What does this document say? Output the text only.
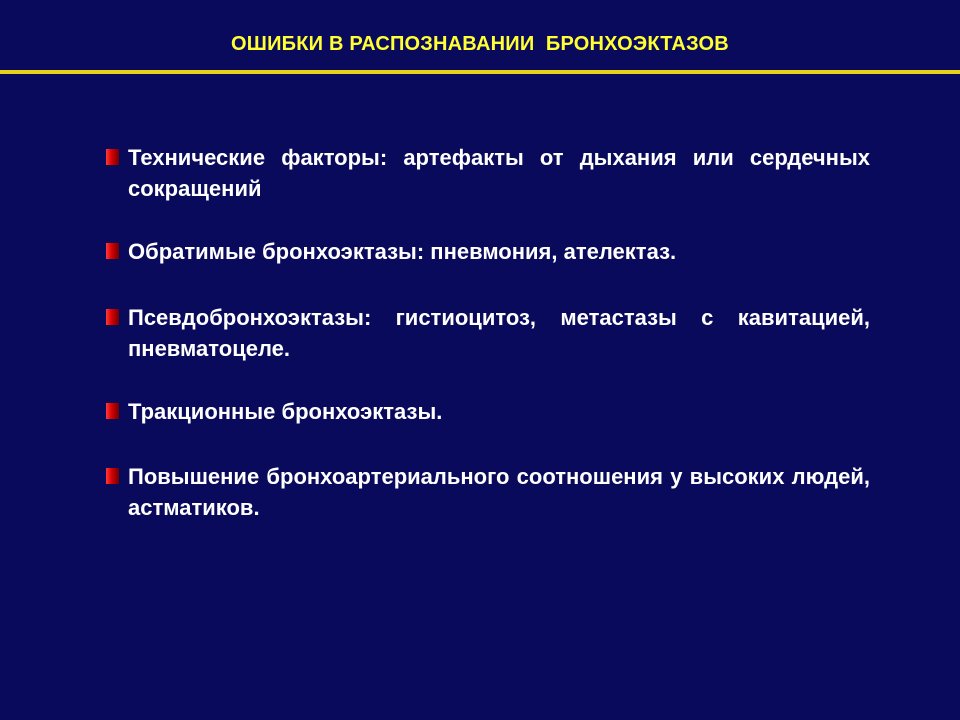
ОШИБКИ В РАСПОЗНАВАНИИ  БРОНХОЭКТАЗОВ
Технические факторы: артефакты от дыхания или сердечных сокращений
Обратимые бронхоэктазы: пневмония, ателектаз.
Псевдобронхоэктазы: гистиоцитоз, метастазы с кавитацией, пневматоцеле.
Тракционные бронхоэктазы.
Повышение бронхоартериального соотношения у высоких людей, астматиков.
